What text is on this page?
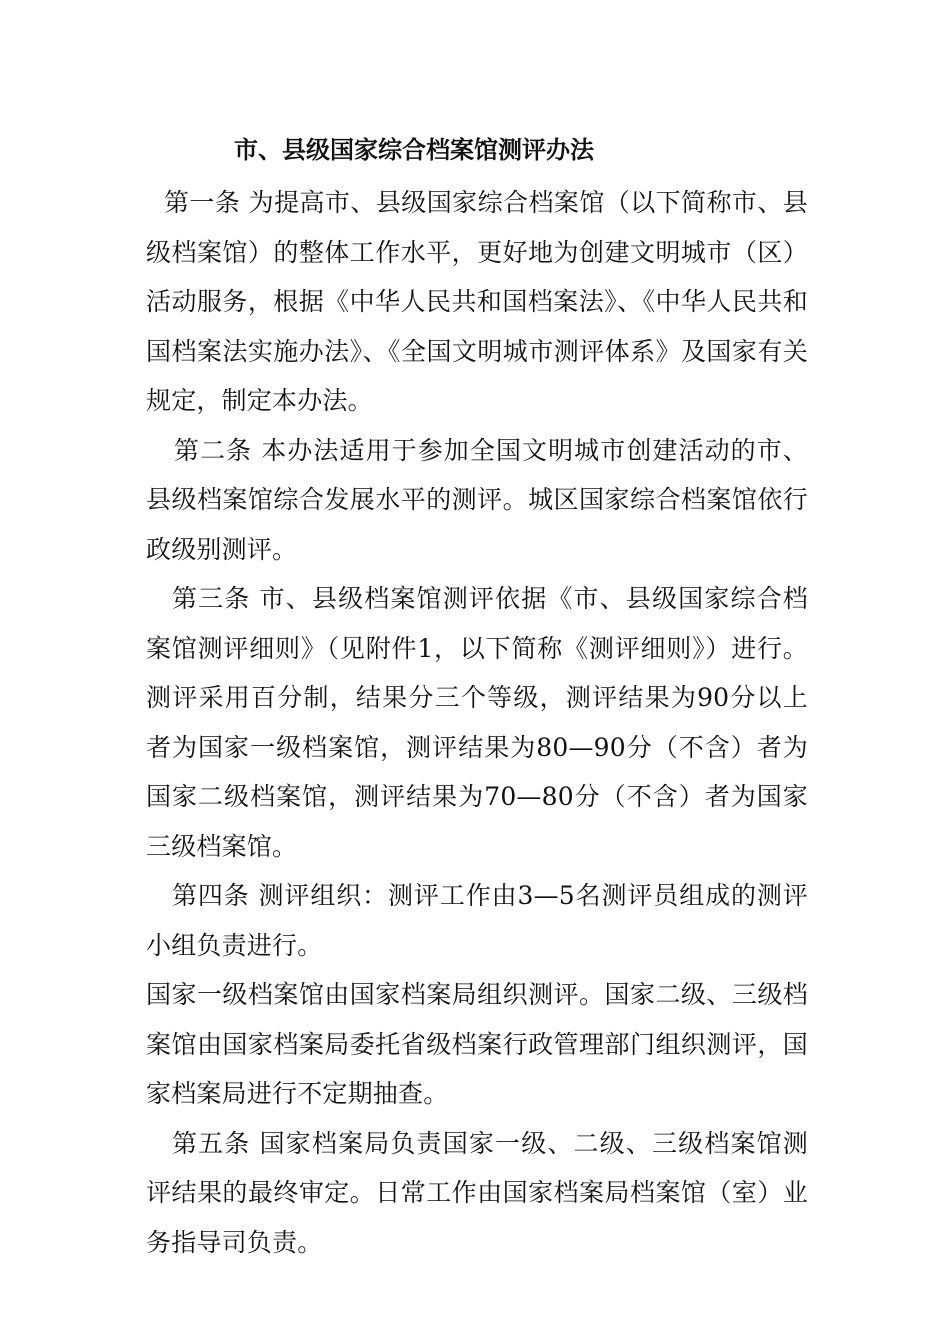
市、县级国家综合档案馆测评办法

第一条 为提高市、县级国家综合档案馆（以下简称市、县级档案馆）的整体工作水平，更好地为创建文明城市（区）活动服务，根据《中华人民共和国档案法》、《中华人民共和国档案法实施办法》、《全国文明城市测评体系》及国家有关规定，制定本办法。

第二条 本办法适用于参加全国文明城市创建活动的市、县级档案馆综合发展水平的测评。城区国家综合档案馆依行政级别测评。

第三条 市、县级档案馆测评依据《市、县级国家综合档案馆测评细则》（见附件1，以下简称《测评细则》）进行。测评采用百分制，结果分三个等级，测评结果为90分以上者为国家一级档案馆，测评结果为80—90分（不含）者为国家二级档案馆，测评结果为70—80分（不含）者为国家三级档案馆。

第四条 测评组织：测评工作由3—5名测评员组成的测评小组负责进行。

国家一级档案馆由国家档案局组织测评。国家二级、三级档案馆由国家档案局委托省级档案行政管理部门组织测评，国家档案局进行不定期抽查。

第五条 国家档案局负责国家一级、二级、三级档案馆测评结果的最终审定。日常工作由国家档案局档案馆（室）业务指导司负责。
